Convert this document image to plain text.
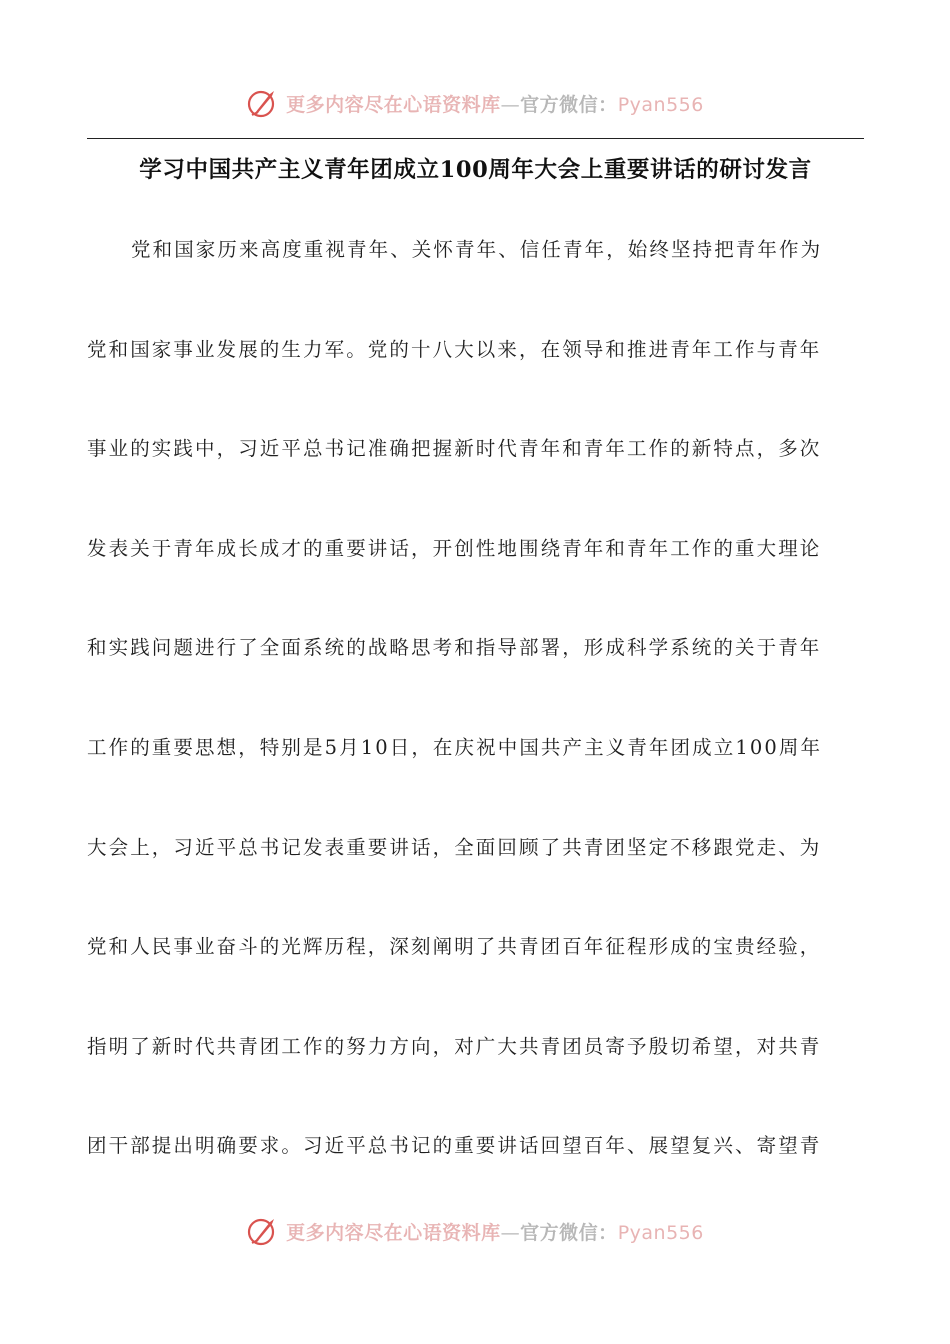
更多内容尽在心语资料库—官方微信：Pyan556
学习中国共产主义青年团成立100周年大会上重要讲话的研讨发言
党和国家历来高度重视青年、关怀青年、信任青年，始终坚持把青年作为
党和国家事业发展的生力军。党的十八大以来，在领导和推进青年工作与青年
事业的实践中，习近平总书记准确把握新时代青年和青年工作的新特点，多次
发表关于青年成长成才的重要讲话，开创性地围绕青年和青年工作的重大理论
和实践问题进行了全面系统的战略思考和指导部署，形成科学系统的关于青年
工作的重要思想，特别是5月10日，在庆祝中国共产主义青年团成立100周年
大会上，习近平总书记发表重要讲话，全面回顾了共青团坚定不移跟党走、为
党和人民事业奋斗的光辉历程，深刻阐明了共青团百年征程形成的宝贵经验，
指明了新时代共青团工作的努力方向，对广大共青团员寄予殷切希望，对共青
团干部提出明确要求。习近平总书记的重要讲话回望百年、展望复兴、寄望青
更多内容尽在心语资料库—官方微信：Pyan556
